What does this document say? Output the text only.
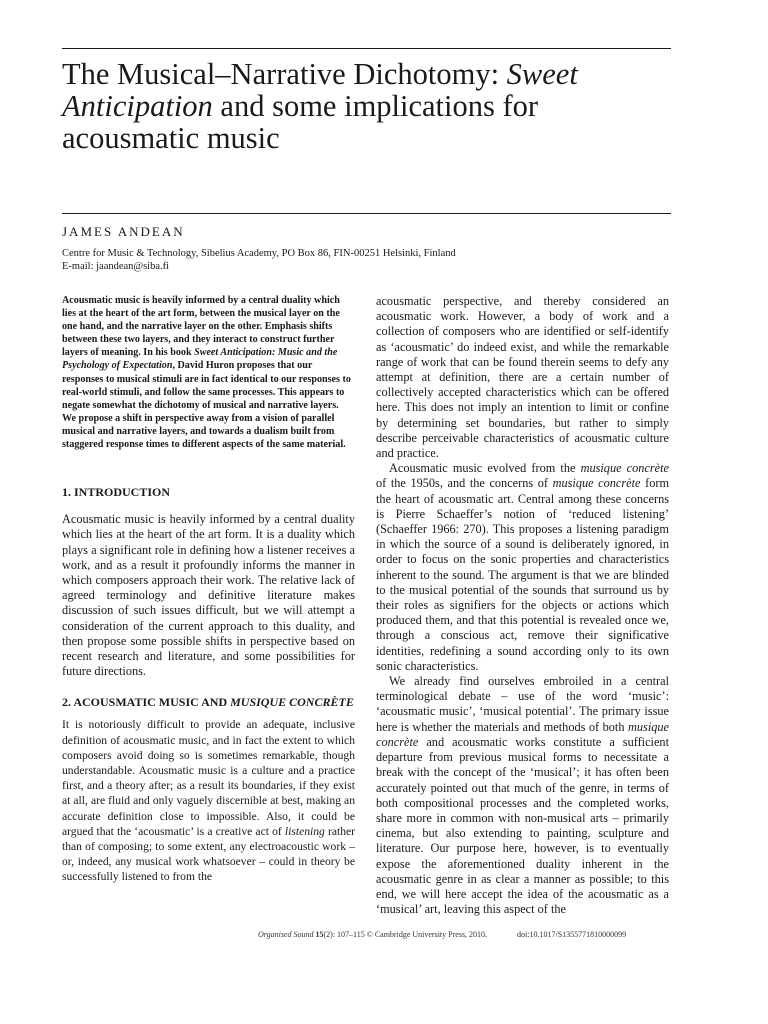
The Musical–Narrative Dichotomy: Sweet Anticipation and some implications for acousmatic music
JAMES ANDEAN
Centre for Music & Technology, Sibelius Academy, PO Box 86, FIN-00251 Helsinki, Finland
E-mail: jaandean@siba.fi

Acousmatic music is heavily informed by a central duality which lies at the heart of the art form, between the musical layer on the one hand, and the narrative layer on the other. Emphasis shifts between these two layers, and they interact to construct further layers of meaning. In his book Sweet Anticipation: Music and the Psychology of Expectation, David Huron proposes that our responses to musical stimuli are in fact identical to our responses to real-world stimuli, and follow the same processes. This appears to negate somewhat the dichotomy of musical and narrative layers. We propose a shift in perspective away from a vision of parallel musical and narrative layers, and towards a dualism built from staggered response times to different aspects of the same material.

1. INTRODUCTION

Acousmatic music is heavily informed by a central duality which lies at the heart of the art form. It is a duality which plays a significant role in defining how a listener receives a work, and as a result it profoundly informs the manner in which composers approach their work. The relative lack of agreed terminology and definitive literature makes discussion of such issues difficult, but we will attempt a consideration of the current approach to this duality, and then propose some possible shifts in perspective based on recent research and literature, and some possibilities for future directions.

2. ACOUSMATIC MUSIC AND MUSIQUE CONCRÈTE

It is notoriously difficult to provide an adequate, inclusive definition of acousmatic music, and in fact the extent to which composers avoid doing so is sometimes remarkable, though understandable. Acousmatic music is a culture and a practice first, and a theory after; as a result its boundaries, if they exist at all, are fluid and only vaguely discernible at best, making an accurate definition close to impossible. Also, it could be argued that the ‘acousmatic’ is a creative act of listening rather than of composing; to some extent, any electroacoustic work – or, indeed, any musical work whatsoever – could in theory be successfully listened to from the

acousmatic perspective, and thereby considered an acousmatic work. However, a body of work and a collection of composers who are identified or self-identify as ‘acousmatic’ do indeed exist, and while the remarkable range of work that can be found therein seems to defy any attempt at definition, there are a certain number of collectively accepted characteristics which can be offered here. This does not imply an intention to limit or confine by determining set boundaries, but rather to simply describe perceivable characteristics of acousmatic culture and practice.

Acousmatic music evolved from the musique concrète of the 1950s, and the concerns of musique concrète form the heart of acousmatic art. Central among these concerns is Pierre Schaeffer’s notion of ‘reduced listening’ (Schaeffer 1966: 270). This proposes a listening paradigm in which the source of a sound is deliberately ignored, in order to focus on the sonic properties and characteristics inherent to the sound. The argument is that we are blinded to the musical potential of the sounds that surround us by their roles as signifiers for the objects or actions which produced them, and that this potential is revealed once we, through a conscious act, remove their significative identities, redefining a sound according only to its own sonic characteristics.

We already find ourselves embroiled in a central terminological debate – use of the word ‘music’: ‘acousmatic music’, ‘musical potential’. The primary issue here is whether the materials and methods of both musique concrète and acousmatic works constitute a sufficient departure from previous musical forms to necessitate a break with the concept of the ‘musical’; it has often been accurately pointed out that much of the genre, in terms of both compositional processes and the completed works, share more in common with non-musical arts – primarily cinema, but also extending to painting, sculpture and literature. Our purpose here, however, is to eventually expose the aforementioned duality inherent in the acousmatic genre in as clear a manner as possible; to this end, we will here accept the idea of the acousmatic as a ‘musical’ art, leaving this aspect of the

Organised Sound 15(2): 107–115 © Cambridge University Press, 2010.	doi:10.1017/S1355771810000099
